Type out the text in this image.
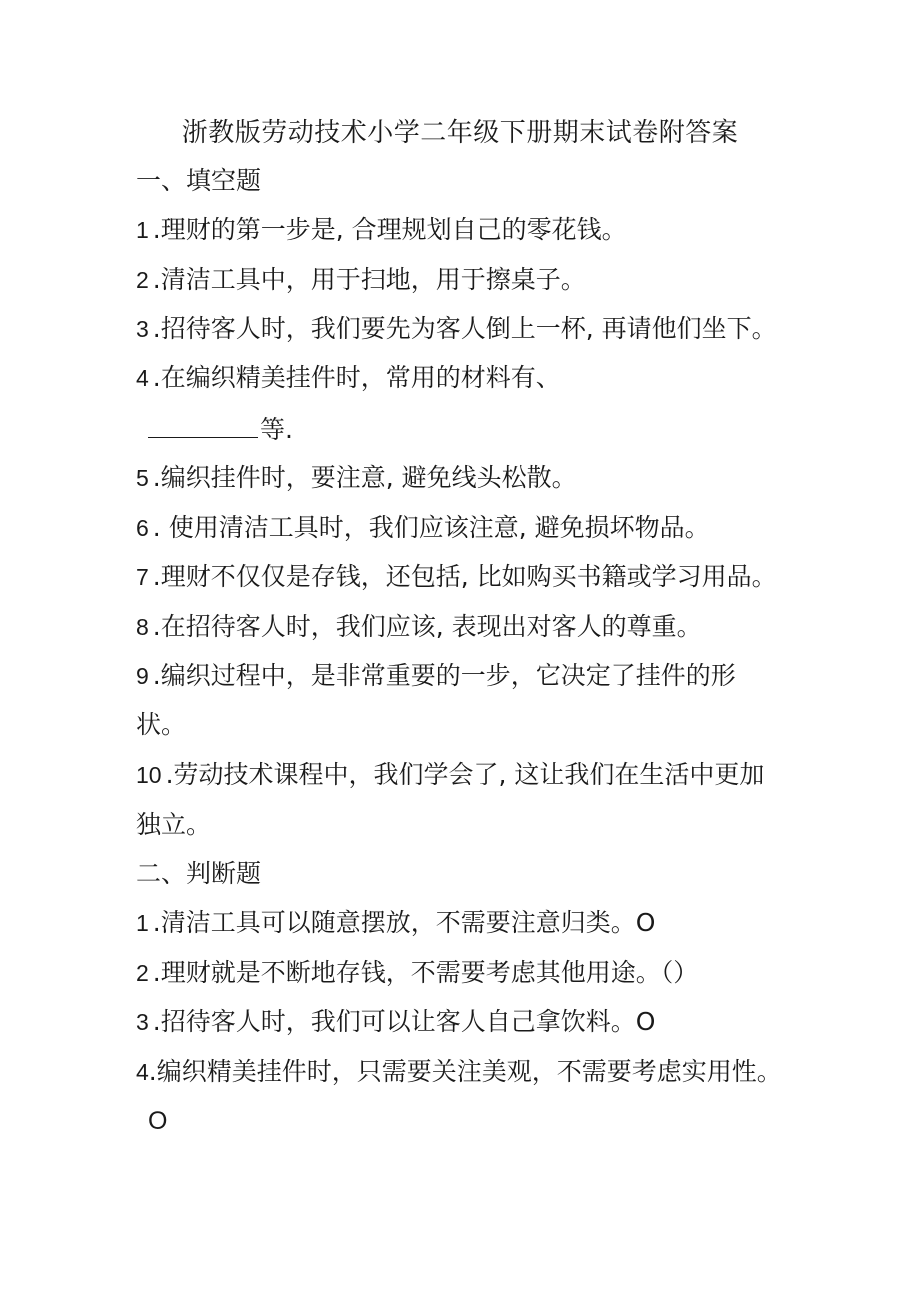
浙教版劳动技术小学二年级下册期末试卷附答案
一、填空题
1 .理财的第一步是, 合理规划自己的零花钱。
2 .清洁工具中，用于扫地，用于擦桌子。
3 .招待客人时，我们要先为客人倒上一杯, 再请他们坐下。
4 .在编织精美挂件时，常用的材料有、
等.
5 .编织挂件时，要注意, 避免线头松散。
6 . 使用清洁工具时，我们应该注意, 避免损坏物品。
7 .理财不仅仅是存钱，还包括, 比如购买书籍或学习用品。
8 .在招待客人时，我们应该, 表现出对客人的尊重。
9 .编织过程中，是非常重要的一步，它决定了挂件的形
状。
10 .劳动技术课程中，我们学会了, 这让我们在生活中更加
独立。
二、判断题
1 .清洁工具可以随意摆放，不需要注意归类。O
2 .理财就是不断地存钱，不需要考虑其他用途。（）
3 .招待客人时，我们可以让客人自己拿饮料。O
4.编织精美挂件时，只需要关注美观，不需要考虑实用性。
O
